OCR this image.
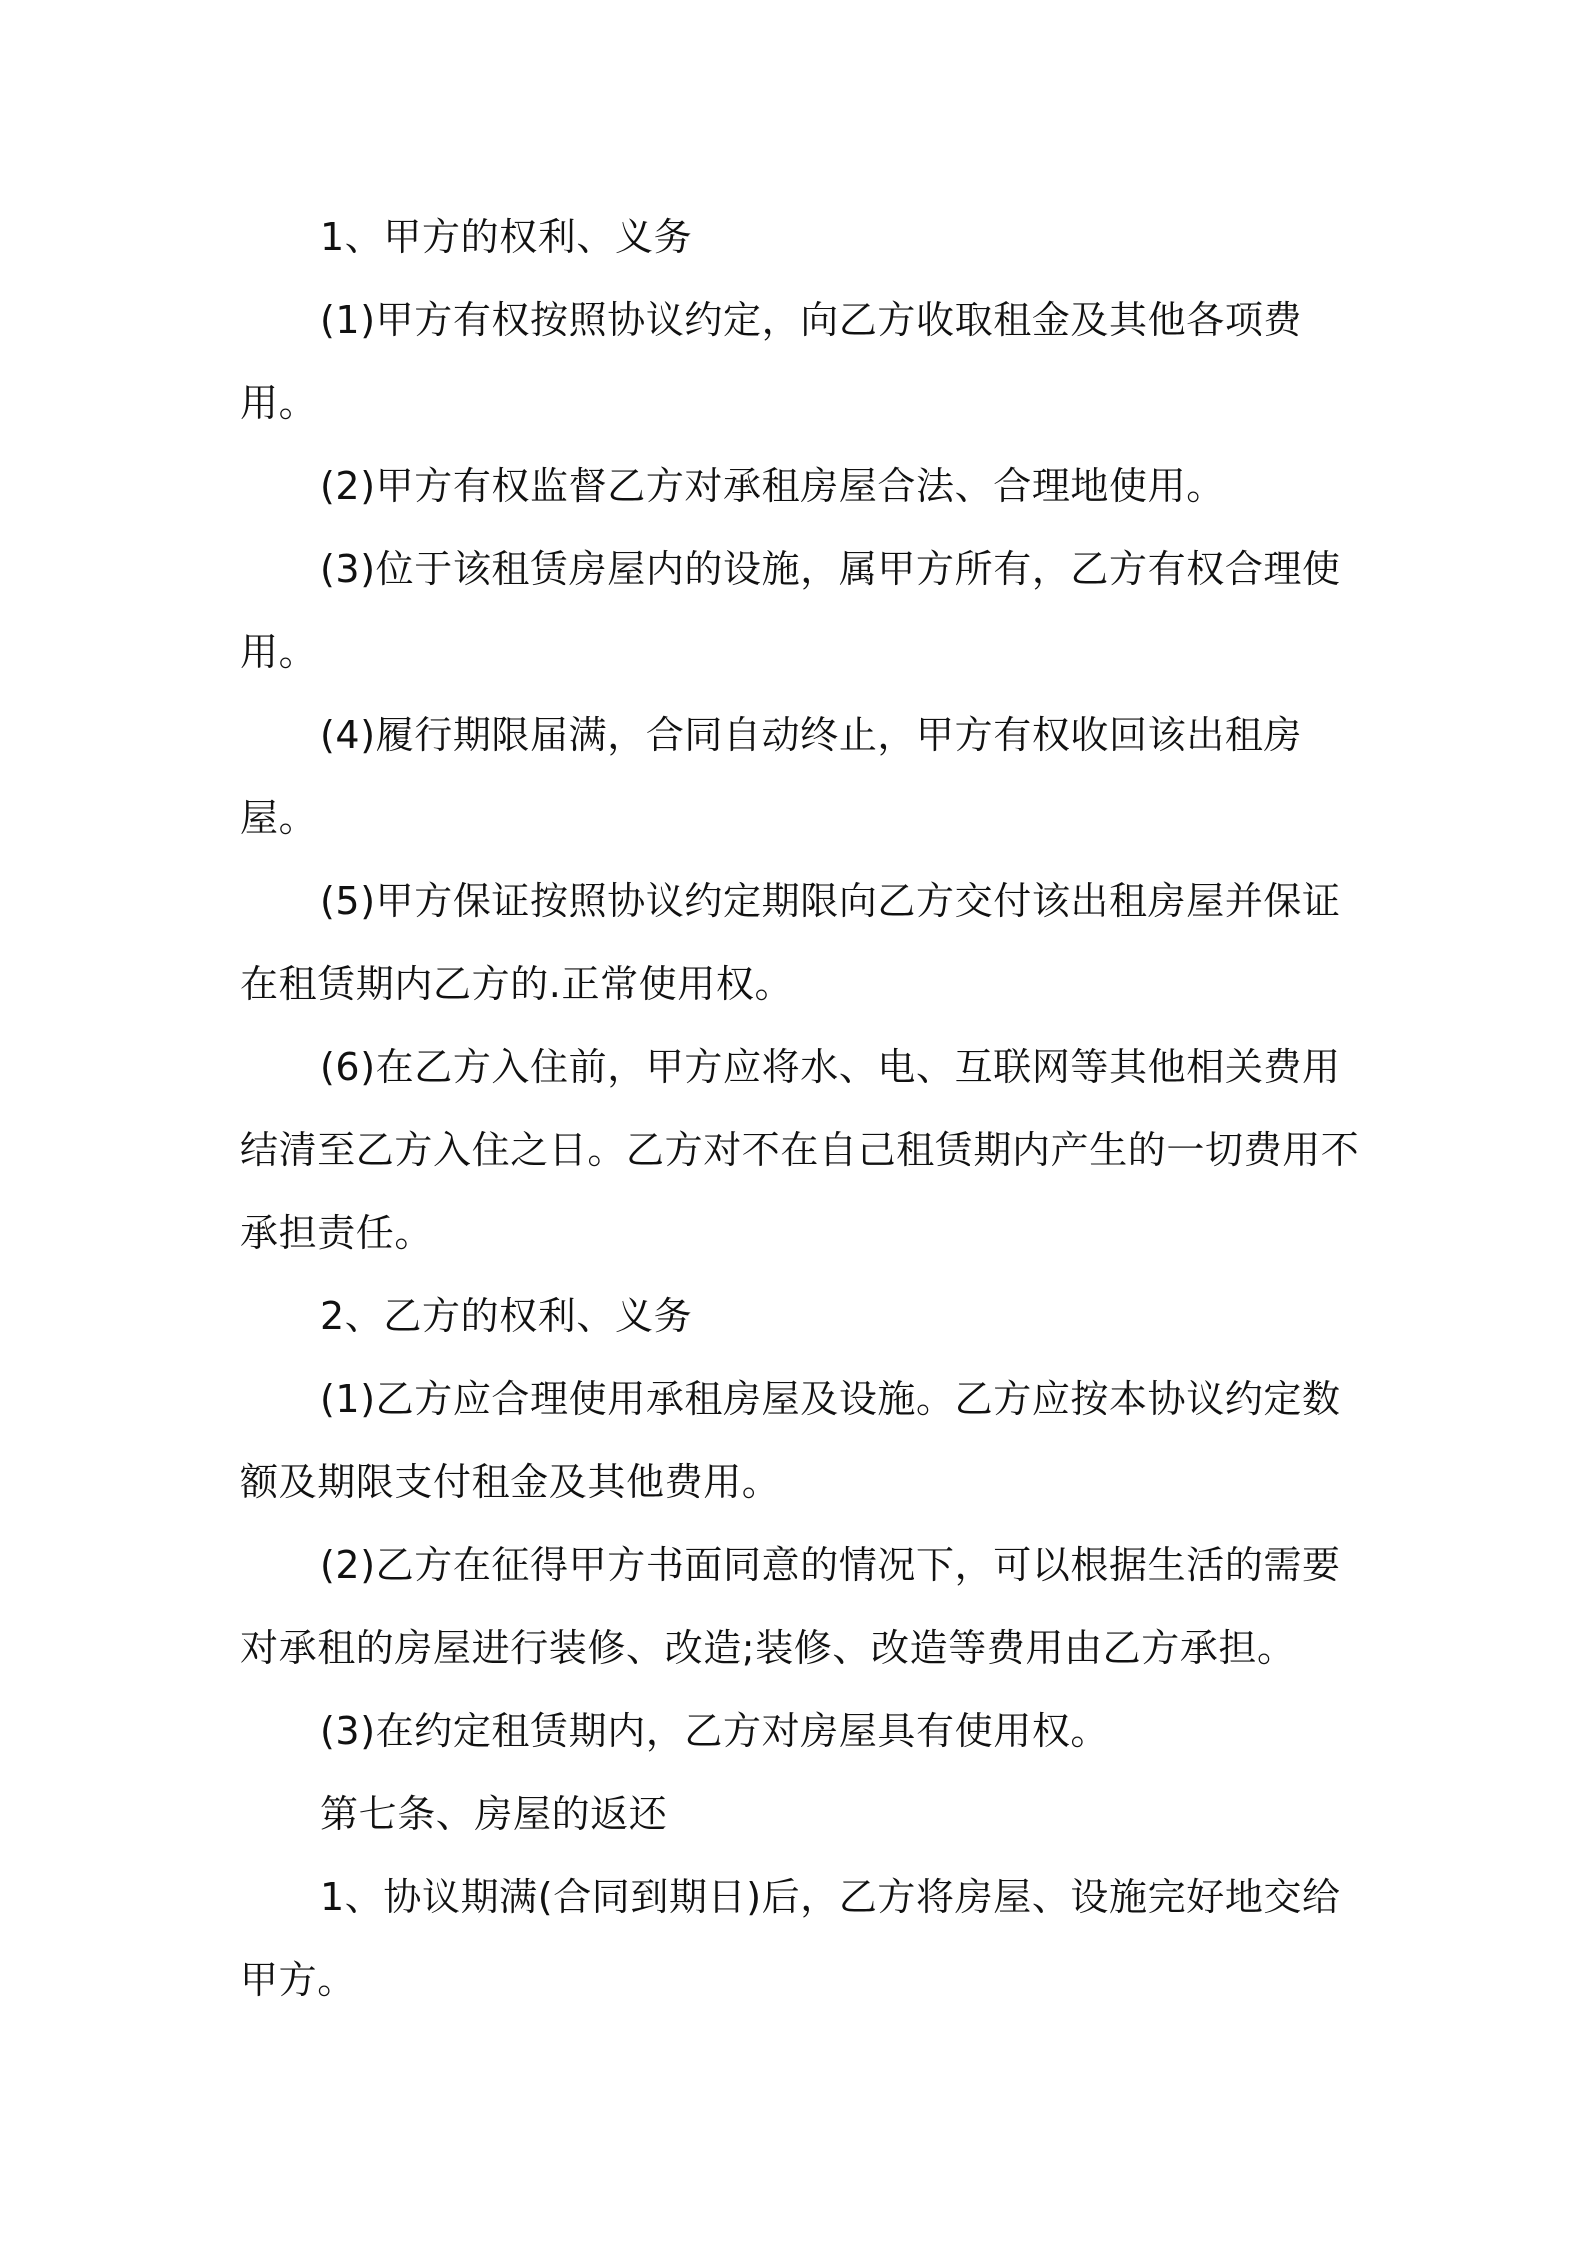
1、甲方的权利、义务

(1)甲方有权按照协议约定，向乙方收取租金及其他各项费用。

(2)甲方有权监督乙方对承租房屋合法、合理地使用。

(3)位于该租赁房屋内的设施，属甲方所有，乙方有权合理使用。

(4)履行期限届满，合同自动终止，甲方有权收回该出租房屋。

(5)甲方保证按照协议约定期限向乙方交付该出租房屋并保证在租赁期内乙方的.正常使用权。

(6)在乙方入住前，甲方应将水、电、互联网等其他相关费用结清至乙方入住之日。乙方对不在自己租赁期内产生的一切费用不承担责任。

2、乙方的权利、义务

(1)乙方应合理使用承租房屋及设施。乙方应按本协议约定数额及期限支付租金及其他费用。

(2)乙方在征得甲方书面同意的情况下，可以根据生活的需要对承租的房屋进行装修、改造;装修、改造等费用由乙方承担。

(3)在约定租赁期内，乙方对房屋具有使用权。

第七条、房屋的返还

1、协议期满(合同到期日)后，乙方将房屋、设施完好地交给甲方。
